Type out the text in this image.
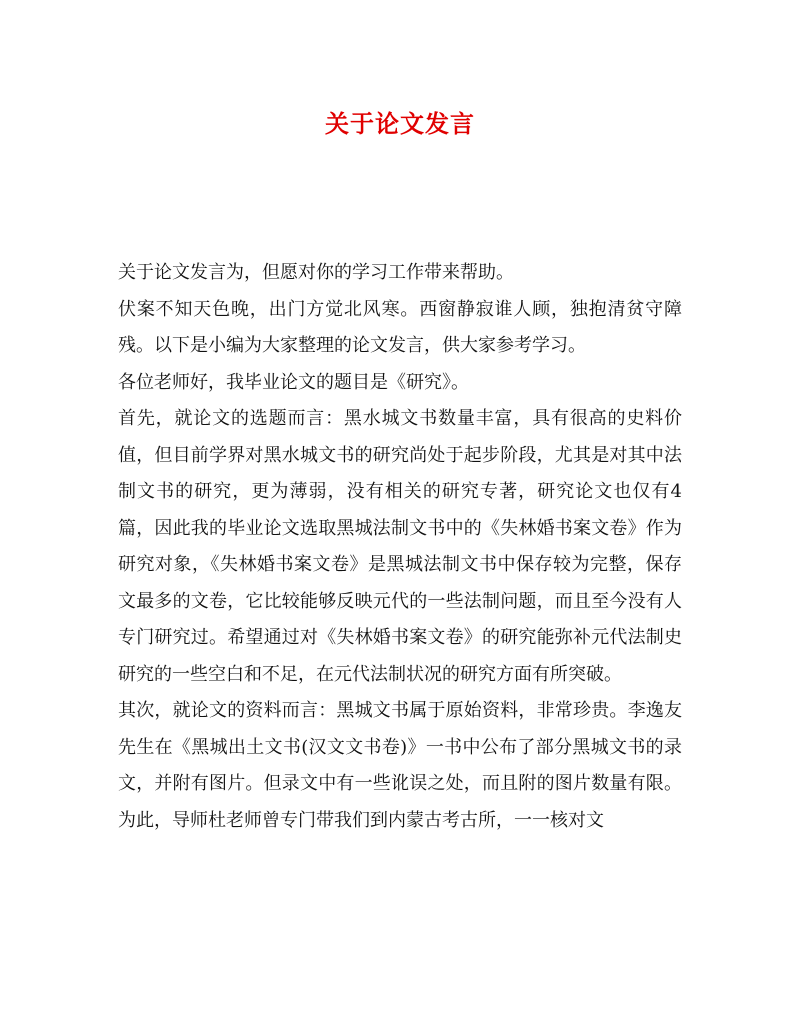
关于论文发言

关于论文发言为，但愿对你的学习工作带来帮助。

伏案不知天色晚，出门方觉北风寒。西窗静寂谁人顾，独抱清贫守障残。以下是小编为大家整理的论文发言，供大家参考学习。

各位老师好，我毕业论文的题目是《研究》。

首先，就论文的选题而言：黑水城文书数量丰富，具有很高的史料价值，但目前学界对黑水城文书的研究尚处于起步阶段，尤其是对其中法制文书的研究，更为薄弱，没有相关的研究专著，研究论文也仅有4篇，因此我的毕业论文选取黑城法制文书中的《失林婚书案文卷》作为研究对象，《失林婚书案文卷》是黑城法制文书中保存较为完整，保存文最多的文卷，它比较能够反映元代的一些法制问题，而且至今没有人专门研究过。希望通过对《失林婚书案文卷》的研究能弥补元代法制史研究的一些空白和不足，在元代法制状况的研究方面有所突破。

其次，就论文的资料而言：黑城文书属于原始资料，非常珍贵。李逸友先生在《黑城出土文书(汉文文书卷)》一书中公布了部分黑城文书的录文，并附有图片。但录文中有一些讹误之处，而且附的图片数量有限。为此，导师杜老师曾专门带我们到内蒙古考古所，一一核对文
